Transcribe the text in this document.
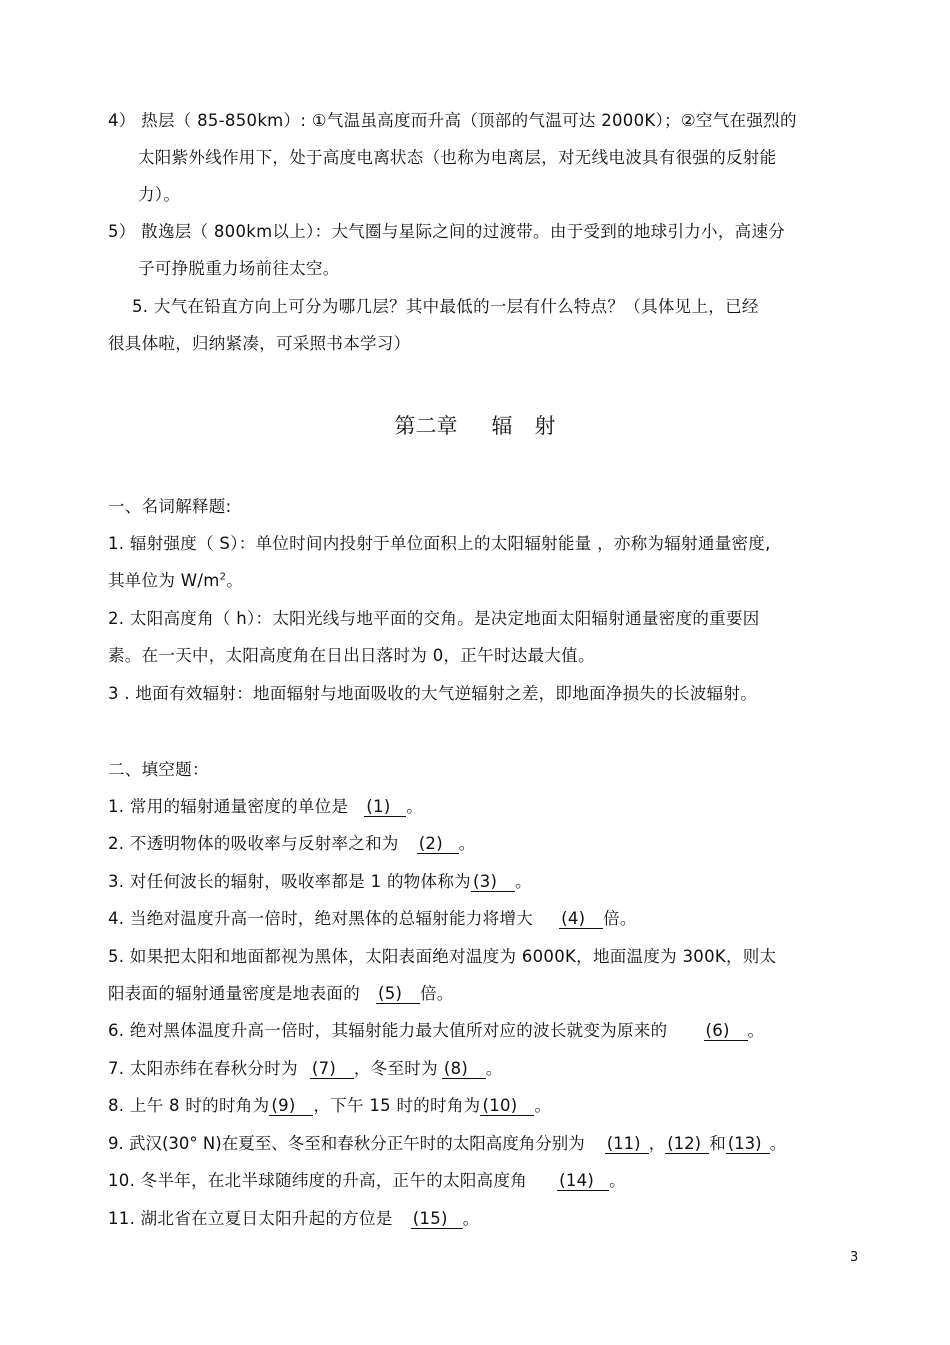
4） 热层（ 85-850km）: ①气温虽高度而升高（顶部的气温可达 2000K）；②空气在强烈的
太阳紫外线作用下，处于高度电离状态（也称为电离层，对无线电波具有很强的反射能
力）。
5） 散逸层（ 800km以上）：大气圈与星际之间的过渡带。由于受到的地球引力小，高速分
子可挣脱重力场前往太空。
5. 大气在铅直方向上可分为哪几层？其中最低的一层有什么特点？（具体见上，已经
很具体啦，归纳紧凑，可采照书本学习）
第二章 辐 射
一、名词解释题:
1. 辐射强度（ S）：单位时间内投射于单位面积上的太阳辐射能量 ，亦称为辐射通量密度,
其单位为 $W/m^2$。
2. 太阳高度角（ h）：太阳光线与地平面的交角。是决定地面太阳辐射通量密度的重要因
素。在一天中，太阳高度角在日出日落时为 0，正午时达最大值。
3 . 地面有效辐射：地面辐射与地面吸收的大气逆辐射之差，即地面净损失的长波辐射。
二、填空题：
1. 常用的辐射通量密度的单位是 (1) 。
2. 不透明物体的吸收率与反射率之和为 (2) 。
3. 对任何波长的辐射，吸收率都是 1 的物体称为 (3) 。
4. 当绝对温度升高一倍时，绝对黑体的总辐射能力将增大 (4) 倍。
5. 如果把太阳和地面都视为黑体，太阳表面绝对温度为 6000K，地面温度为 300K，则太
阳表面的辐射通量密度是地表面的 (5) 倍。
6. 绝对黑体温度升高一倍时，其辐射能力最大值所对应的波长就变为原来的 (6) 。
7. 太阳赤纬在春秋分时为 (7) ，冬至时为 (8) 。
8. 上午 8 时的时角为 (9) ，下午 15 时的时角为 (10) 。
9. 武汉(30° N)在夏至、冬至和春秋分正午时的太阳高度角分别为 (11) ， (12) 和 (13) 。
10. 冬半年，在北半球随纬度的升高，正午的太阳高度角 (14) 。
11. 湖北省在立夏日太阳升起的方位是 (15) 。
3
